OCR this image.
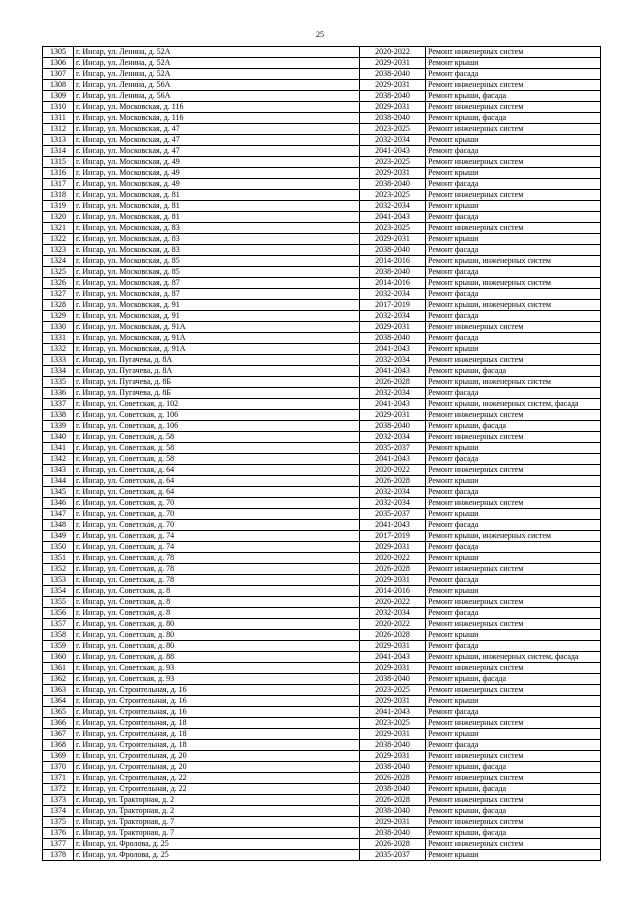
25
1305	г. Инсар, ул. Ленина, д. 52А	2020-2022	Ремонт инженерных систем
1306	г. Инсар, ул. Ленина, д. 52А	2029-2031	Ремонт крыши
1307	г. Инсар, ул. Ленина, д. 52А	2038-2040	Ремонт фасада
1308	г. Инсар, ул. Ленина, д. 56А	2029-2031	Ремонт инженерных систем
1309	г. Инсар, ул. Ленина, д. 56А	2038-2040	Ремонт крыши, фасада
1310	г. Инсар, ул. Московская, д. 116	2029-2031	Ремонт инженерных систем
1311	г. Инсар, ул. Московская, д. 116	2038-2040	Ремонт крыши, фасада
1312	г. Инсар, ул. Московская, д. 47	2023-2025	Ремонт инженерных систем
1313	г. Инсар, ул. Московская, д. 47	2032-2034	Ремонт крыши
1314	г. Инсар, ул. Московская, д. 47	2041-2043	Ремонт фасада
1315	г. Инсар, ул. Московская, д. 49	2023-2025	Ремонт инженерных систем
1316	г. Инсар, ул. Московская, д. 49	2029-2031	Ремонт крыши
1317	г. Инсар, ул. Московская, д. 49	2038-2040	Ремонт фасада
1318	г. Инсар, ул. Московская, д. 81	2023-2025	Ремонт инженерных систем
1319	г. Инсар, ул. Московская, д. 81	2032-2034	Ремонт крыши
1320	г. Инсар, ул. Московская, д. 81	2041-2043	Ремонт фасада
1321	г. Инсар, ул. Московская, д. 83	2023-2025	Ремонт инженерных систем
1322	г. Инсар, ул. Московская, д. 83	2029-2031	Ремонт крыши
1323	г. Инсар, ул. Московская, д. 83	2038-2040	Ремонт фасада
1324	г. Инсар, ул. Московская, д. 85	2014-2016	Ремонт крыши, инженерных систем
1325	г. Инсар, ул. Московская, д. 85	2038-2040	Ремонт фасада
1326	г. Инсар, ул. Московская, д. 87	2014-2016	Ремонт крыши, инженерных систем
1327	г. Инсар, ул. Московская, д. 87	2032-2034	Ремонт фасада
1328	г. Инсар, ул. Московская, д. 91	2017-2019	Ремонт крыши, инженерных систем
1329	г. Инсар, ул. Московская, д. 91	2032-2034	Ремонт фасада
1330	г. Инсар, ул. Московская, д. 91А	2029-2031	Ремонт инженерных систем
1331	г. Инсар, ул. Московская, д. 91А	2038-2040	Ремонт фасада
1332	г. Инсар, ул. Московская, д. 91А	2041-2043	Ремонт крыши
1333	г. Инсар, ул. Пугачева, д. 8А	2032-2034	Ремонт инженерных систем
1334	г. Инсар, ул. Пугачева, д. 8А	2041-2043	Ремонт крыши, фасада
1335	г. Инсар, ул. Пугачева, д. 8Б	2026-2028	Ремонт крыши, инженерных систем
1336	г. Инсар, ул. Пугачева, д. 8Б	2032-2034	Ремонт фасада
1337	г. Инсар, ул. Советская, д. 102	2041-2043	Ремонт крыши, инженерных систем, фасада
1338	г. Инсар, ул. Советская, д. 106	2029-2031	Ремонт инженерных систем
1339	г. Инсар, ул. Советская, д. 106	2038-2040	Ремонт крыши, фасада
1340	г. Инсар, ул. Советская, д. 58	2032-2034	Ремонт инженерных систем
1341	г. Инсар, ул. Советская, д. 58	2035-2037	Ремонт крыши
1342	г. Инсар, ул. Советская, д. 58	2041-2043	Ремонт фасада
1343	г. Инсар, ул. Советская, д. 64	2020-2022	Ремонт инженерных систем
1344	г. Инсар, ул. Советская, д. 64	2026-2028	Ремонт крыши
1345	г. Инсар, ул. Советская, д. 64	2032-2034	Ремонт фасада
1346	г. Инсар, ул. Советская, д. 70	2032-2034	Ремонт инженерных систем
1347	г. Инсар, ул. Советская, д. 70	2035-2037	Ремонт крыши
1348	г. Инсар, ул. Советская, д. 70	2041-2043	Ремонт фасада
1349	г. Инсар, ул. Советская, д. 74	2017-2019	Ремонт крыши, инженерных систем
1350	г. Инсар, ул. Советская, д. 74	2029-2031	Ремонт фасада
1351	г. Инсар, ул. Советская, д. 78	2020-2022	Ремонт крыши
1352	г. Инсар, ул. Советская, д. 78	2026-2028	Ремонт инженерных систем
1353	г. Инсар, ул. Советская, д. 78	2029-2031	Ремонт фасада
1354	г. Инсар, ул. Советская, д. 8	2014-2016	Ремонт крыши
1355	г. Инсар, ул. Советская, д. 8	2020-2022	Ремонт инженерных систем
1356	г. Инсар, ул. Советская, д. 8	2032-2034	Ремонт фасада
1357	г. Инсар, ул. Советская, д. 80	2020-2022	Ремонт инженерных систем
1358	г. Инсар, ул. Советская, д. 80	2026-2028	Ремонт крыши
1359	г. Инсар, ул. Советская, д. 80	2029-2031	Ремонт фасада
1360	г. Инсар, ул. Советская, д. 88	2041-2043	Ремонт крыши, инженерных систем, фасада
1361	г. Инсар, ул. Советская, д. 93	2029-2031	Ремонт инженерных систем
1362	г. Инсар, ул. Советская, д. 93	2038-2040	Ремонт крыши, фасада
1363	г. Инсар, ул. Строительная, д. 16	2023-2025	Ремонт инженерных систем
1364	г. Инсар, ул. Строительная, д. 16	2029-2031	Ремонт крыши
1365	г. Инсар, ул. Строительная, д. 16	2041-2043	Ремонт фасада
1366	г. Инсар, ул. Строительная, д. 18	2023-2025	Ремонт инженерных систем
1367	г. Инсар, ул. Строительная, д. 18	2029-2031	Ремонт крыши
1368	г. Инсар, ул. Строительная, д. 18	2038-2040	Ремонт фасада
1369	г. Инсар, ул. Строительная, д. 20	2029-2031	Ремонт инженерных систем
1370	г. Инсар, ул. Строительная, д. 20	2038-2040	Ремонт крыши, фасада
1371	г. Инсар, ул. Строительная, д. 22	2026-2028	Ремонт инженерных систем
1372	г. Инсар, ул. Строительная, д. 22	2038-2040	Ремонт крыши, фасада
1373	г. Инсар, ул. Тракторная, д. 2	2026-2028	Ремонт инженерных систем
1374	г. Инсар, ул. Тракторная, д. 2	2038-2040	Ремонт крыши, фасада
1375	г. Инсар, ул. Тракторная, д. 7	2029-2031	Ремонт инженерных систем
1376	г. Инсар, ул. Тракторная, д. 7	2038-2040	Ремонт крыши, фасада
1377	г. Инсар, ул. Фролова, д. 25	2026-2028	Ремонт инженерных систем
1378	г. Инсар, ул. Фролова, д. 25	2035-2037	Ремонт крыши
